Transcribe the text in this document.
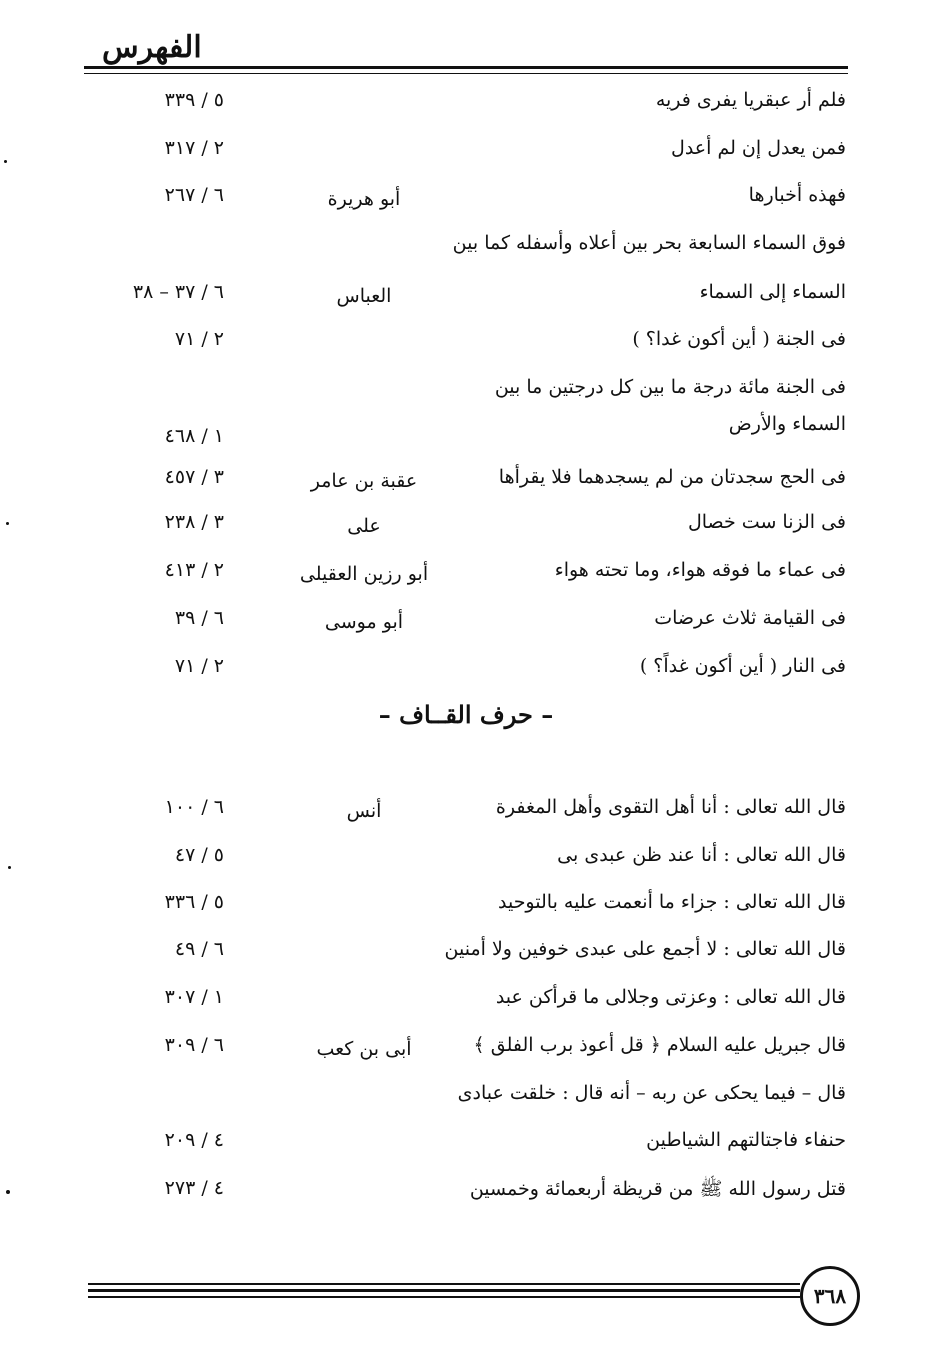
الفهرس
فلم أر عبقريا يفرى فريه
٥ / ٣٣٩
فمن يعدل إن لم أعدل
٢ / ٣١٧
فهذه أخبارها
أبو هريرة
٦ / ٢٦٧
فوق السماء السابعة بحر بين أعلاه وأسفله كما بين
السماء إلى السماء
العباس
٦ / ٣٧ – ٣٨
فى الجنة ( أين أكون غدا؟ )
٢ / ٧١
فى الجنة مائة درجة ما بين كل درجتين ما بين
السماء والأرض
١ / ٤٦٨
فى الحج سجدتان من لم يسجدهما فلا يقرأها
عقبة بن عامر
٣ / ٤٥٧
فى الزنا ست خصال
على
٣ / ٢٣٨
فى عماء ما فوقه هواء، وما تحته هواء
أبو رزين العقيلى
٢ / ٤١٣
فى القيامة ثلاث عرضات
أبو موسى
٦ / ٣٩
فى النار ( أين أكون غداً؟ )
٢ / ٧١
– حرف القــاف –
قال الله تعالى : أنا أهل التقوى وأهل المغفرة
أنس
٦ / ١٠٠
قال الله تعالى : أنا عند ظن عبدى بى
٥ / ٤٧
قال الله تعالى : جزاء ما أنعمت عليه بالتوحيد
٥ / ٣٣٦
قال الله تعالى : لا أجمع على عبدى خوفين ولا أمنين
٦ / ٤٩
قال الله تعالى : وعزتى وجلالى ما قرأكن عبد
١ / ٣٠٧
قال جبريل عليه السلام ﴿ قل أعوذ برب الفلق ﴾
أبى بن كعب
٦ / ٣٠٩
قال – فيما يحكى عن ربه – أنه قال : خلقت عبادى
حنفاء فاجتالتهم الشياطين
٤ / ٢٠٩
قتل رسول الله ﷺ من قريظة أربعمائة وخمسين
٤ / ٢٧٣
٣٦٨
